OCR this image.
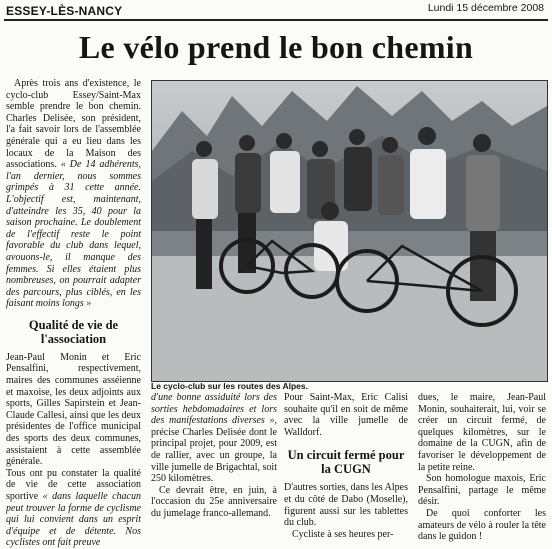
ESSEY-LÈS-NANCY	Lundi 15 décembre 2008
Le vélo prend le bon chemin

Après trois ans d'existence, le cyclo-club Essey/Saint-Max semble prendre le bon chemin. Charles Delisée, son président, l'a fait savoir lors de l'assemblée générale qui a eu lieu dans les locaux de la Maison des associations. « De 14 adhérents, l'an dernier, nous sommes grimpés à 31 cette année. L'objectif est, maintenant, d'atteindre les 35, 40 pour la saison prochaine. Le doublement de l'effectif reste le point favorable du club dans lequel, avouons-le, il manque des femmes. Si elles étaient plus nombreuses, on pourrait adapter des parcours, plus ciblés, en les faisant moins longs »

Qualité de vie de l'association

Jean-Paul Monin et Eric Pensalfini, respectivement, maires des communes asséienne et maxoise, les deux adjoints aux sports, Gilles Sapirstein et Jean-Claude Callesi, ainsi que les deux présidentes de l'office municipal des sports des deux communes, assistaient à cette assemblée générale.

Tous ont pu constater la qualité de vie de cette association sportive « dans laquelle chacun peut trouver la forme de cyclisme qui lui convient dans un esprit d'équipe et de détente. Nos cyclistes ont fait preuve

Le cyclo-club sur les routes des Alpes.

d'une bonne assiduité lors des sorties hebdomadaires et lors des manifestations diverses », précise Charles Delisée dont le principal projet, pour 2009, est de rallier, avec un groupe, la ville jumelle de Brigachtal, soit 250 kilomètres.

Ce devrait être, en juin, à l'occasion du 25e anniversaire du jumelage franco-allemand.

Pour Saint-Max, Eric Calisi souhaite qu'il en soit de même avec la ville jumelle de Walldorf.

Un circuit fermé pour la CUGN

D'autres sorties, dans les Alpes et du côté de Dabo (Moselle), figurent aussi sur les tablettes du club.

Cycliste à ses heures per-

dues, le maire, Jean-Paul Monin, souhaiterait, lui, voir se créer un circuit fermé, de quelques kilomètres, sur le domaine de la CUGN, afin de favoriser le développement de la petite reine.

Son homologue maxois, Eric Pensalfini, partage le même désir.

De quoi conforter les amateurs de vélo à rouler la tête dans le guidon !
